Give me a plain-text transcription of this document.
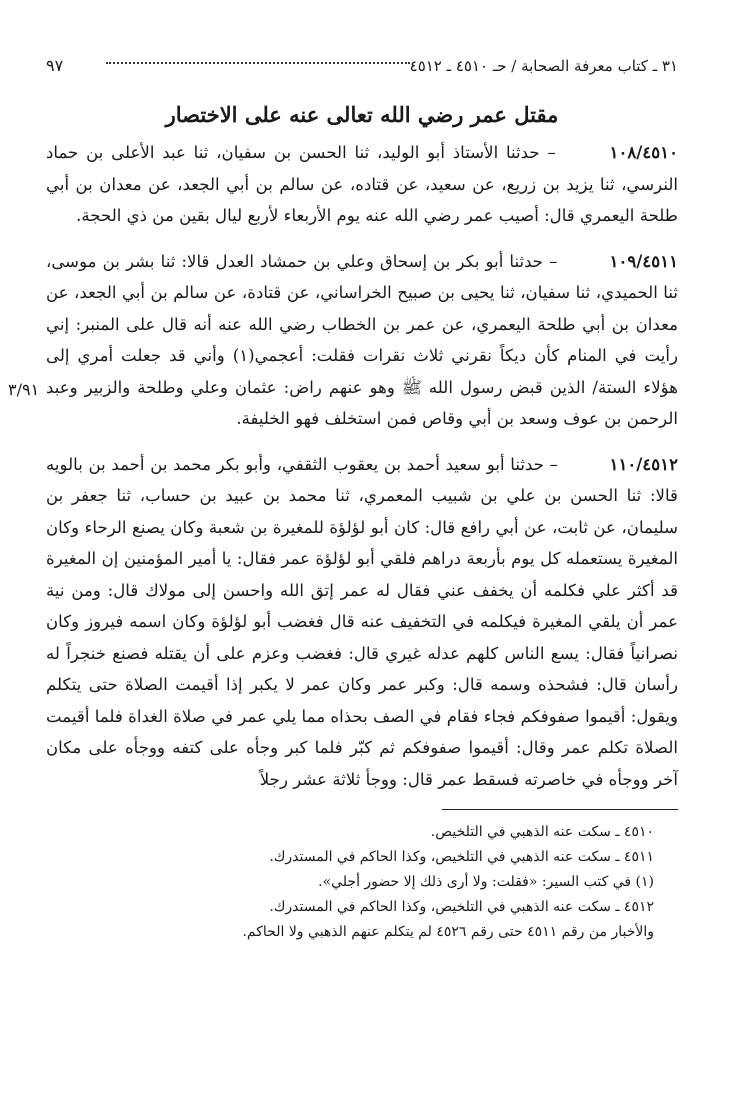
٣١ ـ كتاب معرفة الصحابة / حـ ٤٥١٠ ـ ٤٥١٢
٩٧
مقتل عمر رضي الله تعالى عنه على الاختصار

١٠٨/٤٥١٠ – حدثنا الأستاذ أبو الوليد، ثنا الحسن بن سفيان، ثنا عبد الأعلى بن حماد النرسي، ثنا يزيد بن زريع، عن سعيد، عن قتاده، عن سالم بن أبي الجعد، عن معدان بن أبي طلحة اليعمري قال: أصيب عمر رضي الله عنه يوم الأربعاء لأربع ليال بقين من ذي الحجة.

١٠٩/٤٥١١ – حدثنا أبو بكر بن إسحاق وعلي بن حمشاد العدل قالا: ثنا بشر بن موسى، ثنا الحميدي، ثنا سفيان، ثنا يحيى بن صبيح الخراساني، عن قتادة، عن سالم بن أبي الجعد، عن معدان بن أبي طلحة اليعمري، عن عمر بن الخطاب رضي الله عنه أنه قال على المنبر: إني رأيت في المنام كأن ديكاً نقرني ثلاث نقرات فقلت: أعجمي(١) وأني قد جعلت أمري إلى هؤلاء الستة/ الذين قبض رسول الله ﷺ وهو عنهم راض: عثمان وعلي وطلحة والزبير وعبد الرحمن بن عوف وسعد بن أبي وقاص فمن استخلف فهو الخليفة.
٣/٩١

١١٠/٤٥١٢ – حدثنا أبو سعيد أحمد بن يعقوب الثقفي، وأبو بكر محمد بن أحمد بن بالويه قالا: ثنا الحسن بن علي بن شبيب المعمري، ثنا محمد بن عبيد بن حساب، ثنا جعفر بن سليمان، عن ثابت، عن أبي رافع قال: كان أبو لؤلؤة للمغيرة بن شعبة وكان يصنع الرحاء وكان المغيرة يستعمله كل يوم بأربعة دراهم فلقي أبو لؤلؤة عمر فقال: يا أمير المؤمنين إن المغيرة قد أكثر علي فكلمه أن يخفف عني فقال له عمر إتق الله واحسن إلى مولاك قال: ومن نية عمر أن يلقي المغيرة فيكلمه في التخفيف عنه قال فغضب أبو لؤلؤة وكان اسمه فيروز وكان نصرانياً فقال: يسع الناس كلهم عدله غيري قال: فغضب وعزم على أن يقتله فصنع خنجراً له رأسان قال: فشحذه وسمه قال: وكبر عمر وكان عمر لا يكبر إذا أقيمت الصلاة حتى يتكلم ويقول: أقيموا صفوفكم فجاء فقام في الصف بحذاه مما يلي عمر في صلاة الغداة فلما أقيمت الصلاة تكلم عمر وقال: أقيموا صفوفكم ثم كبّر فلما كبر وجأه على كتفه ووجأه على مكان آخر ووجأه في خاصرته فسقط عمر قال: ووجأ ثلاثة عشر رجلاً

٤٥١٠ ـ سكت عنه الذهبي في التلخيص.
٤٥١١ ـ سكت عنه الذهبي في التلخيص، وكذا الحاكم في المستدرك.
(١) في كتب السير: «فقلت: ولا أرى ذلك إلا حضور أجلي».
٤٥١٢ ـ سكت عنه الذهبي في التلخيص، وكذا الحاكم في المستدرك.
والأخبار من رقم ٤٥١١ حتى رقم ٤٥٢٦ لم يتكلم عنهم الذهبي ولا الحاكم.
